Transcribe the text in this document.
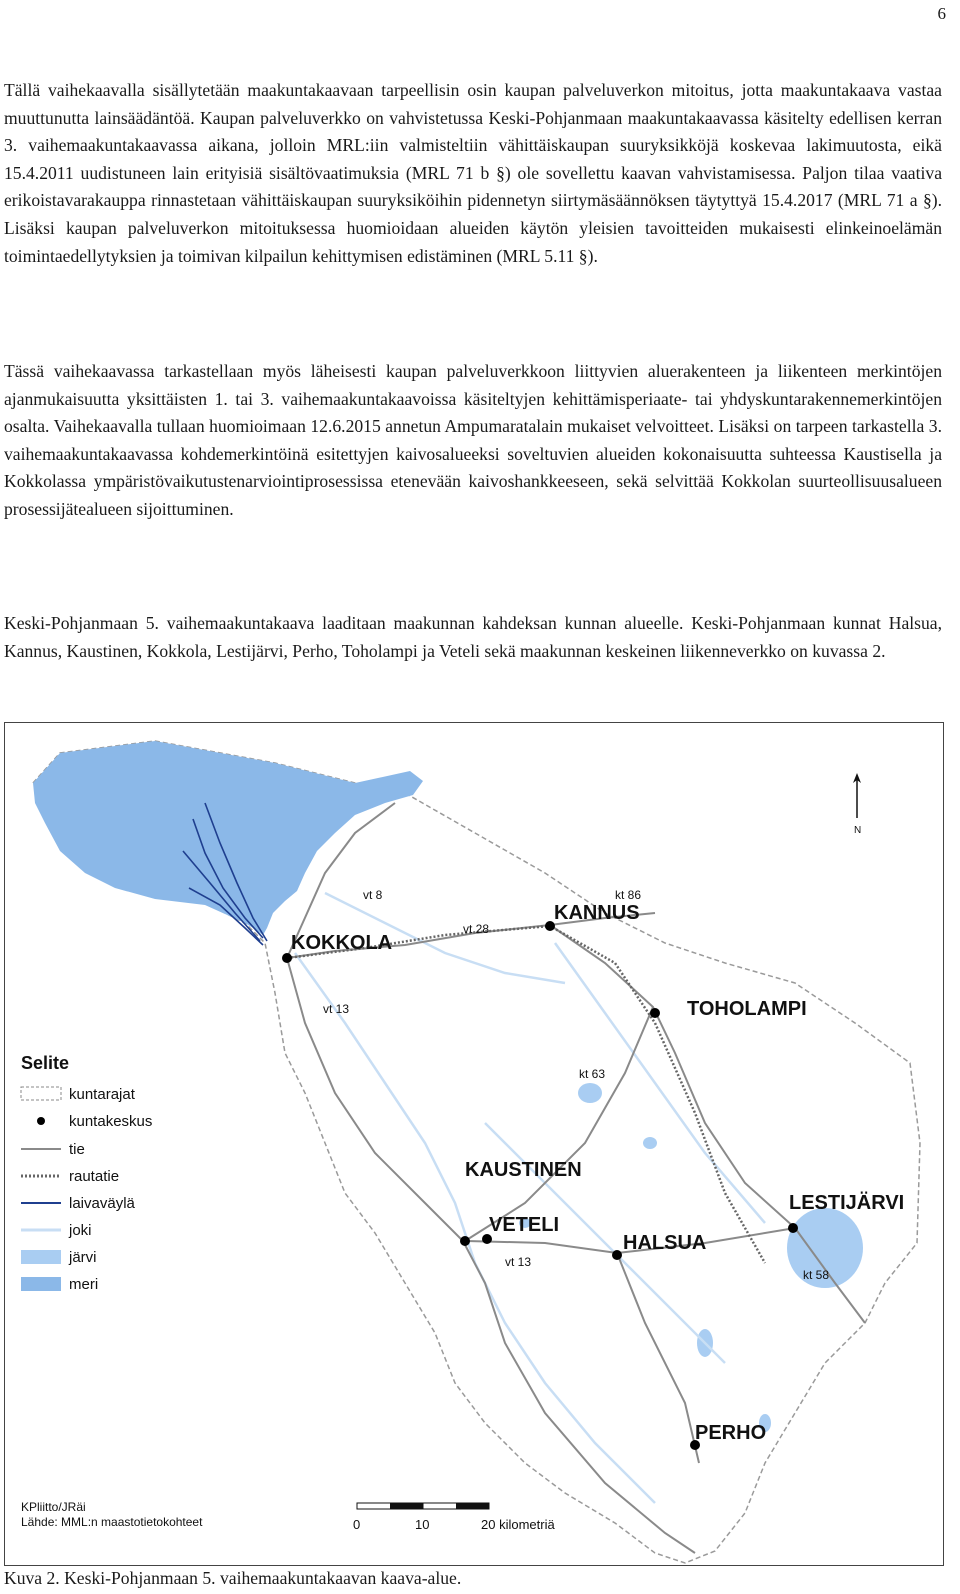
6

Tällä vaihekaavalla sisällytetään maakuntakaavaan tarpeellisin osin kaupan palveluverkon mitoitus, jotta maakuntakaava vastaa muuttunutta lainsäädäntöä. Kaupan palveluverkko on vahvistetussa Keski-Pohjanmaan maakuntakaavassa käsitelty edellisen kerran 3. vaihemaakuntakaavassa aikana, jolloin MRL:iin valmisteltiin vähittäiskaupan suuryksikköjä koskevaa lakimuutosta, eikä 15.4.2011 uudistuneen lain erityisiä sisältövaatimuksia (MRL 71 b §) ole sovellettu kaavan vahvistamisessa. Paljon tilaa vaativa erikoistavarakauppa rinnastetaan vähittäiskaupan suuryksiköihin pidennetyn siirtymäsäännöksen täytyttyä 15.4.2017 (MRL 71 a §). Lisäksi kaupan palveluverkon mitoituksessa huomioidaan alueiden käytön yleisien tavoitteiden mukaisesti elinkeinoelämän toimintaedellytyksien ja toimivan kilpailun kehittymisen edistäminen (MRL 5.11 §).

Tässä vaihekaavassa tarkastellaan myös läheisesti kaupan palveluverkkoon liittyvien aluerakenteen ja liikenteen merkintöjen ajanmukaisuutta yksittäisten 1. tai 3. vaihemaakuntakaavoissa käsiteltyjen kehittämisperiaate- tai yhdyskuntarakennemerkintöjen osalta. Vaihekaavalla tullaan huomioimaan 12.6.2015 annetun Ampumaratalain mukaiset velvoitteet. Lisäksi on tarpeen tarkastella 3. vaihemaakuntakaavassa kohdemerkintöinä esitettyjen kaivosalueeksi soveltuvien alueiden kokonaisuutta suhteessa Kaustisella ja Kokkolassa ympäristövaikutustenarviointiprosessissa etenevään kaivoshankkeeseen, sekä selvittää Kokkolan suurteollisuusalueen prosessijätealueen sijoittuminen.

Keski-Pohjanmaan 5. vaihemaakuntakaava laaditaan maakunnan kahdeksan kunnan alueelle. Keski-Pohjanmaan kunnat Halsua, Kannus, Kaustinen, Kokkola, Lestijärvi, Perho, Toholampi ja Veteli sekä maakunnan keskeinen liikenneverkko on kuvassa 2.

KOKKOLA
KANNUS
TOHOLAMPI
KAUSTINEN
VETELI
HALSUA
LESTIJÄRVI
PERHO
vt 8	kt 86
vt 28
vt 13
kt 63
vt 13
kt 58
N
Selite
kuntarajat
kuntakeskus
tie
rautatie
laivaväylä
joki
järvi
meri
KPliitto/JRäi
Lähde: MML:n maastotietokohteet	0	10	20 kilometriä
Kuva 2. Keski-Pohjanmaan 5. vaihemaakuntakaavan kaava-alue.
